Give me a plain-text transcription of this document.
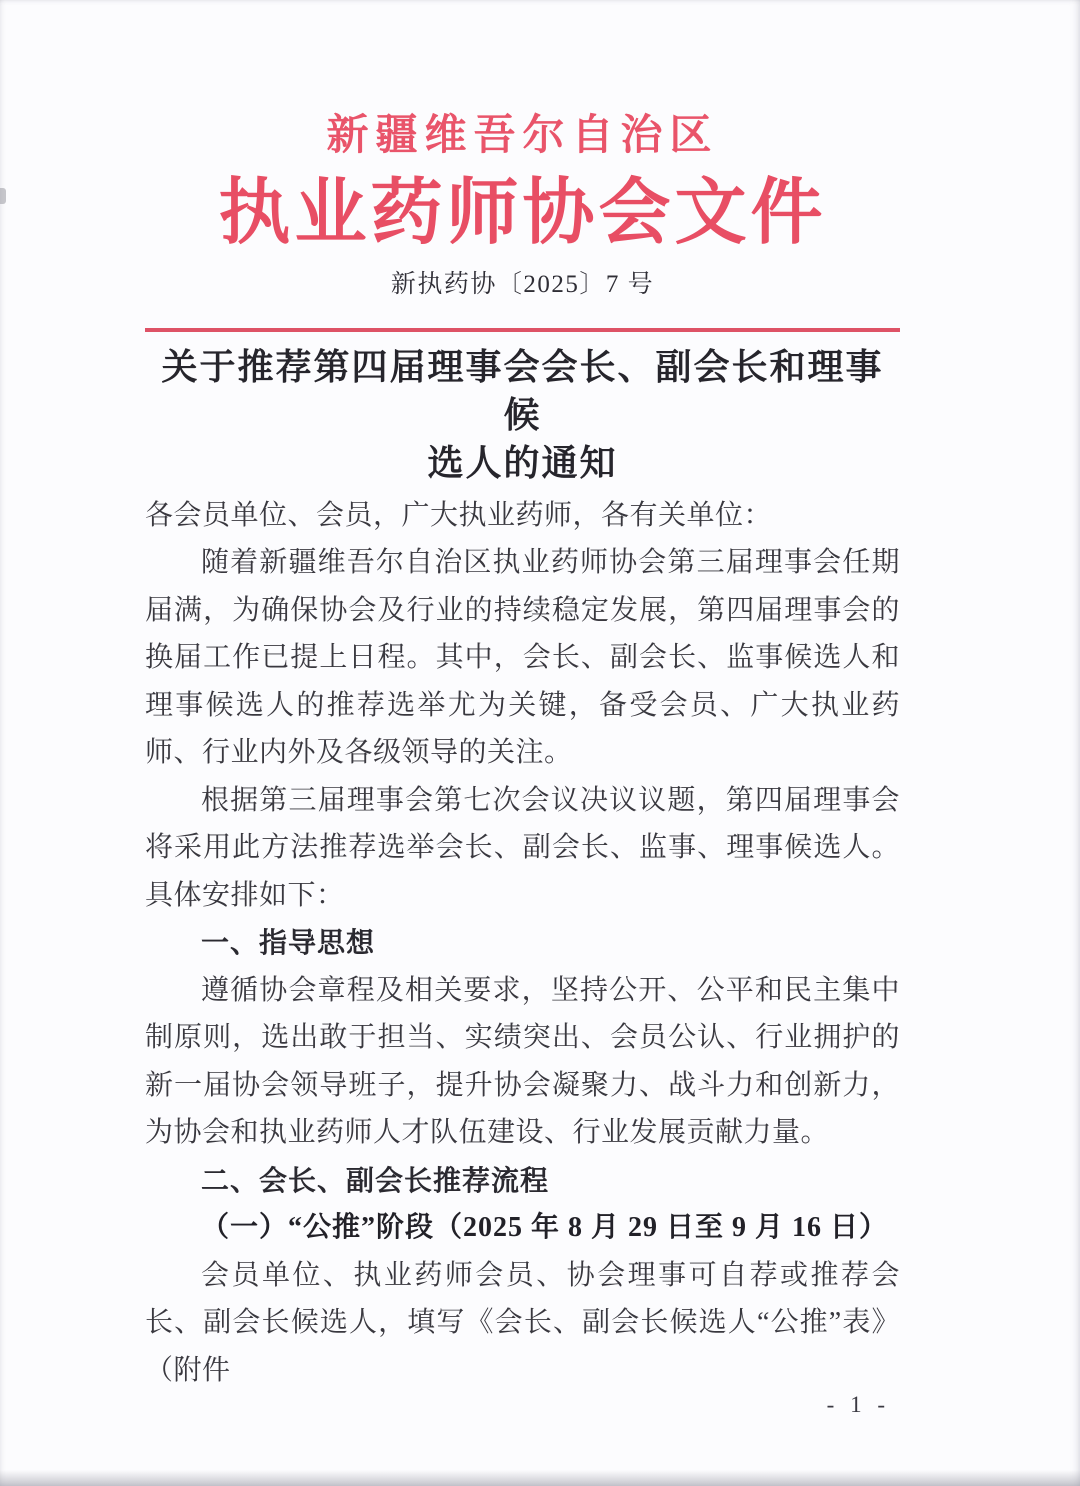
新疆维吾尔自治区
执业药师协会文件
新执药协〔2025〕7 号
关于推荐第四届理事会会长、副会长和理事候
选人的通知

各会员单位、会员，广大执业药师，各有关单位：

随着新疆维吾尔自治区执业药师协会第三届理事会任期届满，为确保协会及行业的持续稳定发展，第四届理事会的换届工作已提上日程。其中，会长、副会长、监事候选人和理事候选人的推荐选举尤为关键，备受会员、广大执业药师、行业内外及各级领导的关注。

根据第三届理事会第七次会议决议议题，第四届理事会将采用此方法推荐选举会长、副会长、监事、理事候选人。具体安排如下：

一、指导思想

遵循协会章程及相关要求，坚持公开、公平和民主集中制原则，选出敢于担当、实绩突出、会员公认、行业拥护的新一届协会领导班子，提升协会凝聚力、战斗力和创新力，为协会和执业药师人才队伍建设、行业发展贡献力量。

二、会长、副会长推荐流程

（一）“公推”阶段（2025 年 8 月 29 日至 9 月 16 日）

会员单位、执业药师会员、协会理事可自荐或推荐会长、副会长候选人，填写《会长、副会长候选人“公推”表》（附件

- 1 -
